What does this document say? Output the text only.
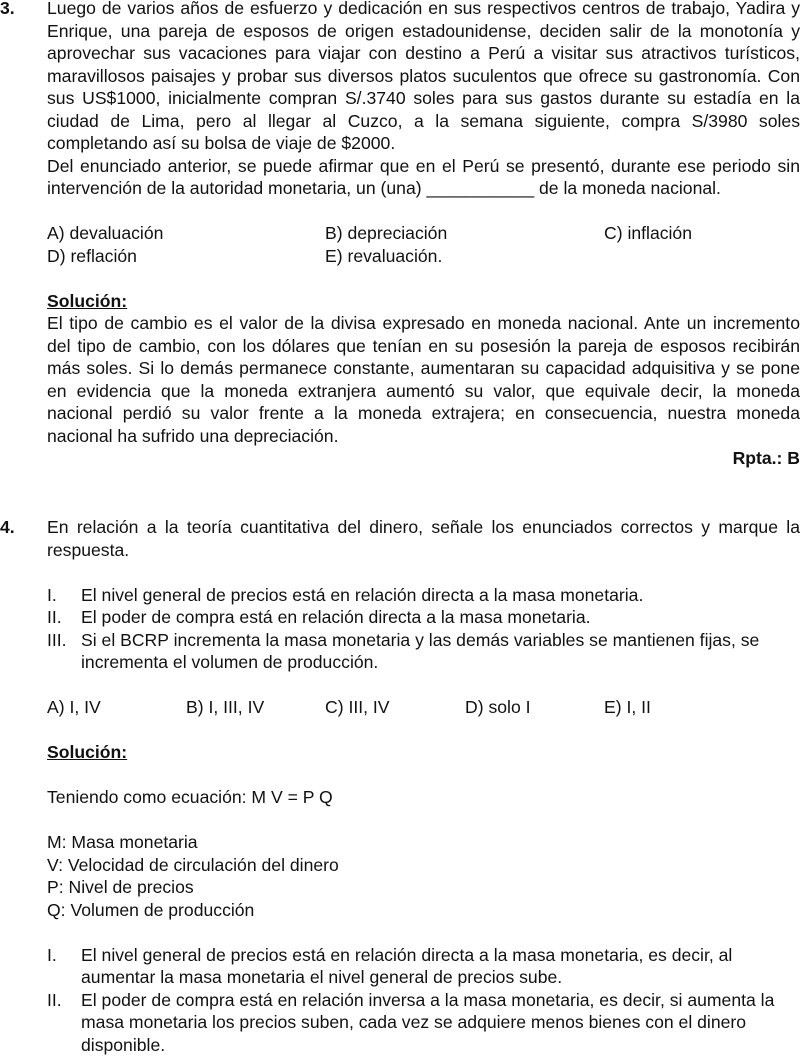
3. Luego de varios años de esfuerzo y dedicación en sus respectivos centros de trabajo, Yadira y Enrique, una pareja de esposos de origen estadounidense, deciden salir de la monotonía y aprovechar sus vacaciones para viajar con destino a Perú a visitar sus atractivos turísticos, maravillosos paisajes y probar sus diversos platos suculentos que ofrece su gastronomía. Con sus US$1000, inicialmente compran S/.3740 soles para sus gastos durante su estadía en la ciudad de Lima, pero al llegar al Cuzco, a la semana siguiente, compra S/3980 soles completando así su bolsa de viaje de $2000.

Del enunciado anterior, se puede afirmar que en el Perú se presentó, durante ese periodo sin intervención de la autoridad monetaria, un (una) ___________ de la moneda nacional.

A) devaluación	B) depreciación	C) inflación
D) reflación	E) revaluación.

Solución:

El tipo de cambio es el valor de la divisa expresado en moneda nacional. Ante un incremento del tipo de cambio, con los dólares que tenían en su posesión la pareja de esposos recibirán más soles. Si lo demás permanece constante, aumentaran su capacidad adquisitiva y se pone en evidencia que la moneda extranjera aumentó su valor, que equivale decir, la moneda nacional perdió su valor frente a la moneda extrajera; en consecuencia, nuestra moneda nacional ha sufrido una depreciación.

Rpta.: B

4. En relación a la teoría cuantitativa del dinero, señale los enunciados correctos y marque la respuesta.

I. El nivel general de precios está en relación directa a la masa monetaria.
II. El poder de compra está en relación directa a la masa monetaria.
III. Si el BCRP incrementa la masa monetaria y las demás variables se mantienen fijas, se incrementa el volumen de producción.
A) I, IV	B) I, III, IV	C) III, IV	D) solo I	E) I, II

Solución:

Teniendo como ecuación: M V = P Q

M: Masa monetaria

V: Velocidad de circulación del dinero

P: Nivel de precios

Q: Volumen de producción

I. El nivel general de precios está en relación directa a la masa monetaria, es decir, al aumentar la masa monetaria el nivel general de precios sube.
II. El poder de compra está en relación inversa a la masa monetaria, es decir, si aumenta la masa monetaria los precios suben, cada vez se adquiere menos bienes con el dinero disponible.
